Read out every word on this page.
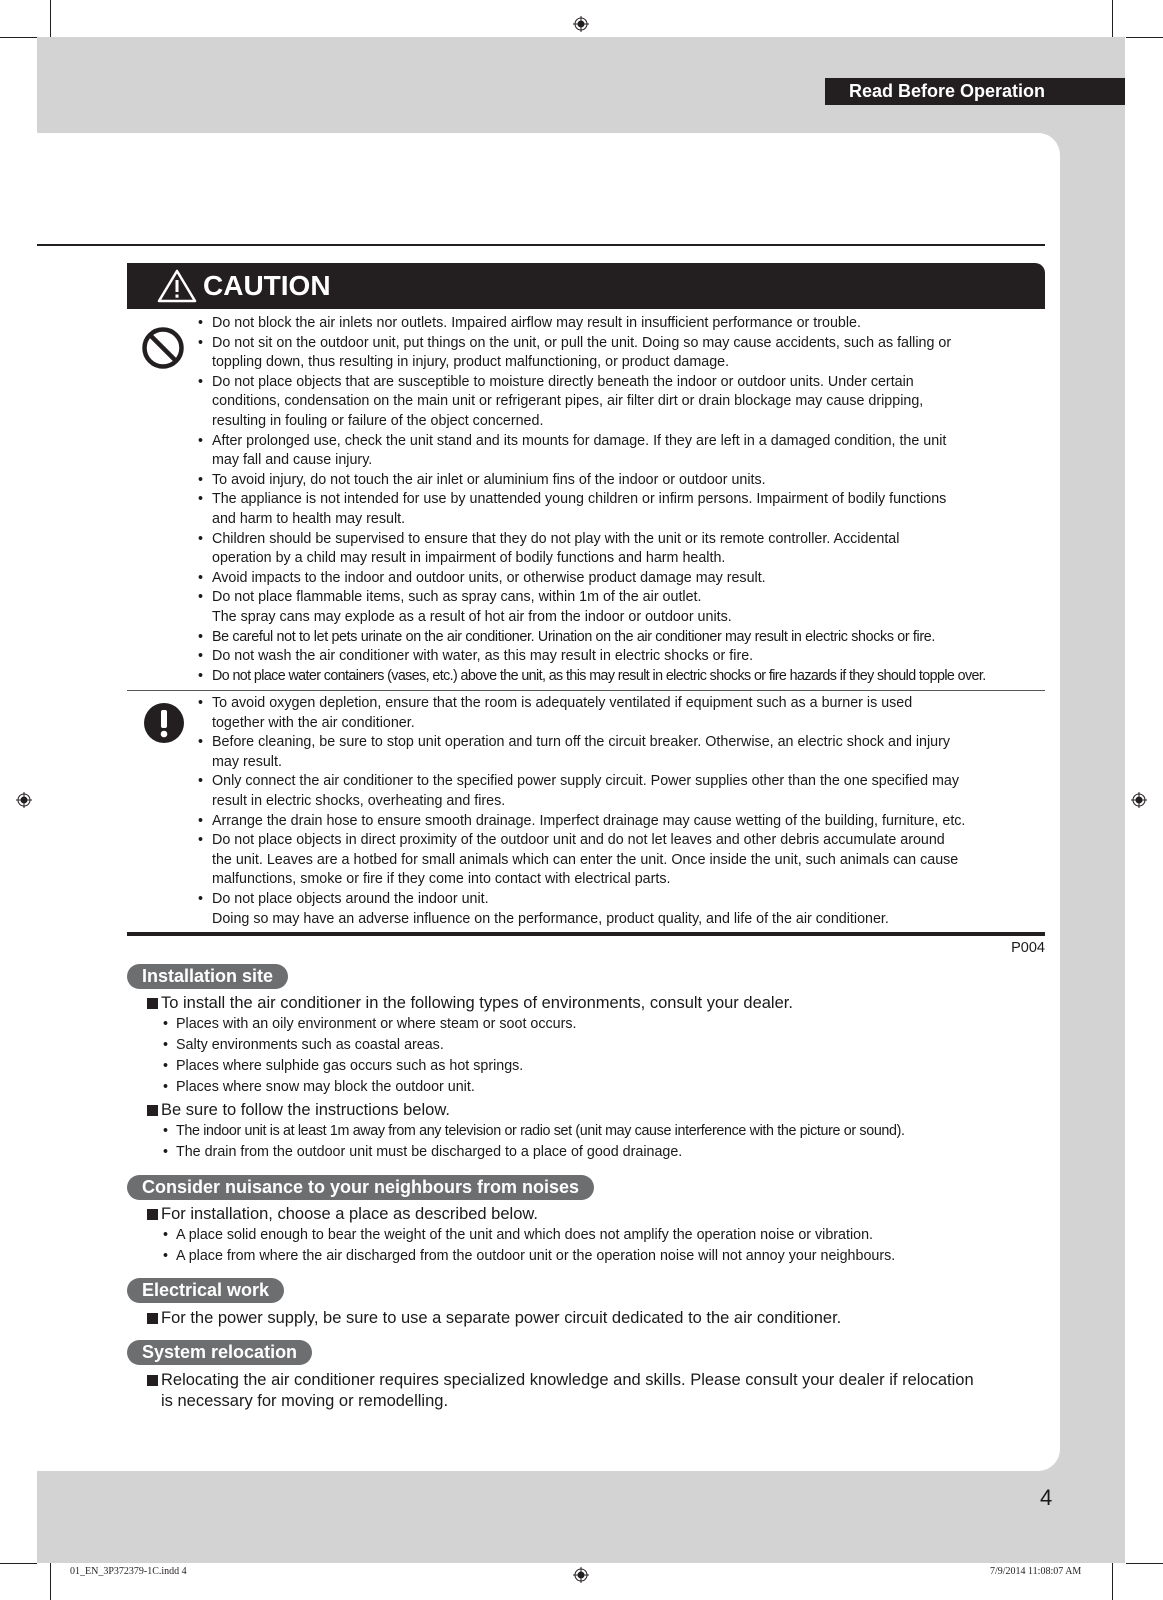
Read Before Operation
CAUTION
• Do not block the air inlets nor outlets. Impaired airflow may result in insufficient performance or trouble.
• Do not sit on the outdoor unit, put things on the unit, or pull the unit. Doing so may cause accidents, such as falling or
toppling down, thus resulting in injury, product malfunctioning, or product damage.
• Do not place objects that are susceptible to moisture directly beneath the indoor or outdoor units. Under certain
conditions, condensation on the main unit or refrigerant pipes, air filter dirt or drain blockage may cause dripping,
resulting in fouling or failure of the object concerned.
• After prolonged use, check the unit stand and its mounts for damage. If they are left in a damaged condition, the unit
may fall and cause injury.
• To avoid injury, do not touch the air inlet or aluminium fins of the indoor or outdoor units.
• The appliance is not intended for use by unattended young children or infirm persons. Impairment of bodily functions
and harm to health may result.
• Children should be supervised to ensure that they do not play with the unit or its remote controller. Accidental
operation by a child may result in impairment of bodily functions and harm health.
• Avoid impacts to the indoor and outdoor units, or otherwise product damage may result.
• Do not place flammable items, such as spray cans, within 1m of the air outlet.
The spray cans may explode as a result of hot air from the indoor or outdoor units.
• Be careful not to let pets urinate on the air conditioner. Urination on the air conditioner may result in electric shocks or fire.
• Do not wash the air conditioner with water, as this may result in electric shocks or fire.
• Do not place water containers (vases, etc.) above the unit, as this may result in electric shocks or fire hazards if they should topple over.
• To avoid oxygen depletion, ensure that the room is adequately ventilated if equipment such as a burner is used
together with the air conditioner.
• Before cleaning, be sure to stop unit operation and turn off the circuit breaker. Otherwise, an electric shock and injury
may result.
• Only connect the air conditioner to the specified power supply circuit. Power supplies other than the one specified may
result in electric shocks, overheating and fires.
• Arrange the drain hose to ensure smooth drainage. Imperfect drainage may cause wetting of the building, furniture, etc.
• Do not place objects in direct proximity of the outdoor unit and do not let leaves and other debris accumulate around
the unit. Leaves are a hotbed for small animals which can enter the unit. Once inside the unit, such animals can cause
malfunctions, smoke or fire if they come into contact with electrical parts.
• Do not place objects around the indoor unit.
Doing so may have an adverse influence on the performance, product quality, and life of the air conditioner.
P004
Installation site
To install the air conditioner in the following types of environments, consult your dealer.
• Places with an oily environment or where steam or soot occurs.
• Salty environments such as coastal areas.
• Places where sulphide gas occurs such as hot springs.
• Places where snow may block the outdoor unit.
Be sure to follow the instructions below.
• The indoor unit is at least 1m away from any television or radio set (unit may cause interference with the picture or sound).
• The drain from the outdoor unit must be discharged to a place of good drainage.
Consider nuisance to your neighbours from noises
For installation, choose a place as described below.
• A place solid enough to bear the weight of the unit and which does not amplify the operation noise or vibration.
• A place from where the air discharged from the outdoor unit or the operation noise will not annoy your neighbours.
Electrical work
For the power supply, be sure to use a separate power circuit dedicated to the air conditioner.
System relocation
Relocating the air conditioner requires specialized knowledge and skills. Please consult your dealer if relocation
is necessary for moving or remodelling.
4
01_EN_3P372379-1C.indd 4	7/9/2014 11:08:07 AM
